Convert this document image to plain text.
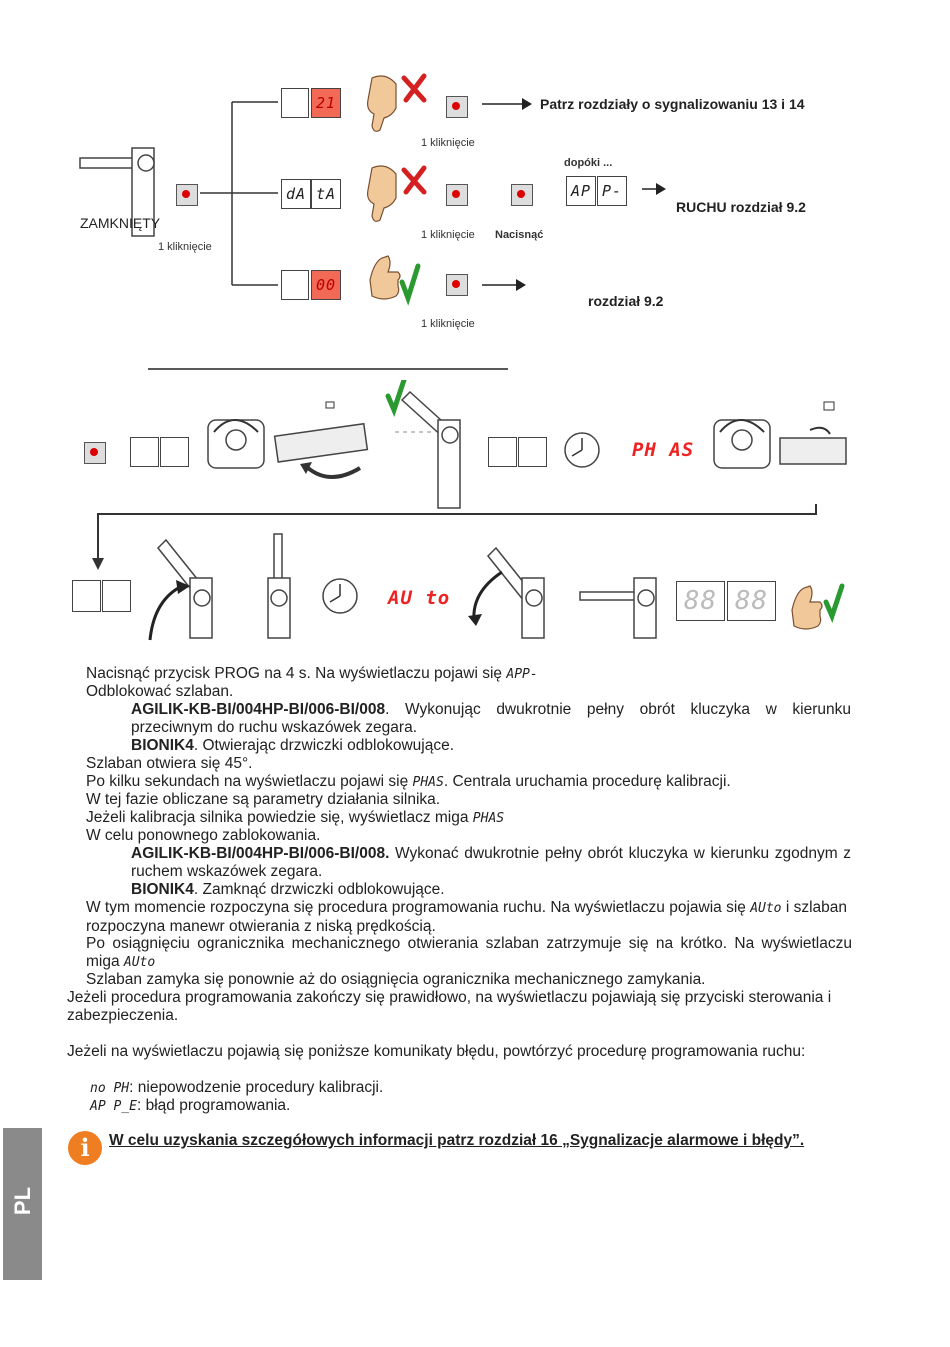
1 kliknięcie
ZAMKNIĘTY
21
1 kliknięcie
Patrz rozdziały o sygnalizowaniu 13 i 14
dA tA
1 kliknięcie Nacisnąć
dopóki ...
AP P-
RUCHU rozdział 9.2
00
1 kliknięcie
rozdział 9.2
PH AS
AU to	88 88
Nacisnąć przycisk PROG na 4 s. Na wyświetlaczu pojawi się APP-
Odblokować szlaban.
AGILIK-KB-BI/004HP-BI/006-BI/008. Wykonując dwukrotnie pełny obrót kluczyka w kierunku przeciwnym do ruchu wskazówek zegara.
BIONIK4. Otwierając drzwiczki odblokowujące.
Szlaban otwiera się 45°.
Po kilku sekundach na wyświetlaczu pojawi się PHAS. Centrala uruchamia procedurę kalibracji.
W tej fazie obliczane są parametry działania silnika.
Jeżeli kalibracja silnika powiedzie się, wyświetlacz miga PHAS
W celu ponownego zablokowania.
AGILIK-KB-BI/004HP-BI/006-BI/008. Wykonać dwukrotnie pełny obrót kluczyka w kierunku zgodnym z ruchem wskazówek zegara.
BIONIK4. Zamknąć drzwiczki odblokowujące.
W tym momencie rozpoczyna się procedura programowania ruchu. Na wyświetlaczu pojawia się AUto i szlaban rozpoczyna manewr otwierania z niską prędkością.
Po osiągnięciu ogranicznika mechanicznego otwierania szlaban zatrzymuje się na krótko. Na wyświetlaczu miga AUto
Szlaban zamyka się ponownie aż do osiągnięcia ogranicznika mechanicznego zamykania.
Jeżeli procedura programowania zakończy się prawidłowo, na wyświetlaczu pojawiają się przyciski sterowania i zabezpieczenia.
Jeżeli na wyświetlaczu pojawią się poniższe komunikaty błędu, powtórzyć procedurę programowania ruchu:
no PH: niepowodzenie procedury kalibracji.
AP P_E: błąd programowania.
i	W celu uzyskania szczegółowych informacji patrz rozdział 16 „Sygnalizacje alarmowe i błędy”.
PL
